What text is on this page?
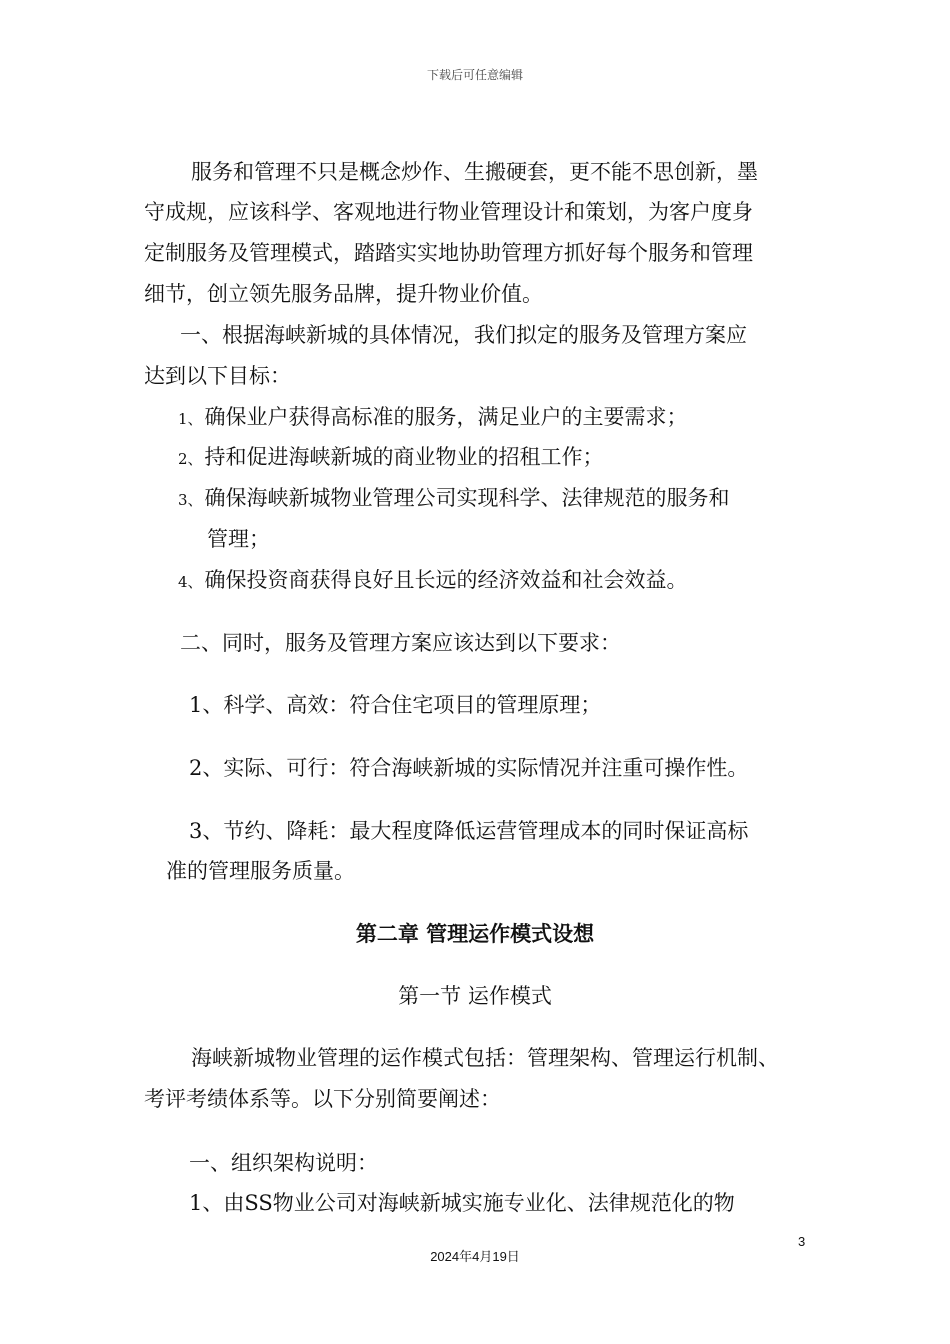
下载后可任意编辑
服务和管理不只是概念炒作、生搬硬套，更不能不思创新，墨
守成规，应该科学、客观地进行物业管理设计和策划，为客户度身
定制服务及管理模式，踏踏实实地协助管理方抓好每个服务和管理
细节，创立领先服务品牌，提升物业价值。
一、根据海峡新城的具体情况，我们拟定的服务及管理方案应
达到以下目标：
1、确保业户获得高标准的服务，满足业户的主要需求；
2、持和促进海峡新城的商业物业的招租工作；
3、确保海峡新城物业管理公司实现科学、法律规范的服务和
管理；
4、确保投资商获得良好且长远的经济效益和社会效益。
二、同时，服务及管理方案应该达到以下要求：
1、科学、高效：符合住宅项目的管理原理；
2、实际、可行：符合海峡新城的实际情况并注重可操作性。
3、节约、降耗：最大程度降低运营管理成本的同时保证高标
准的管理服务质量。
第二章 管理运作模式设想
第一节 运作模式
海峡新城物业管理的运作模式包括：管理架构、管理运行机制、
考评考绩体系等。以下分别简要阐述：
一、组织架构说明：
1、由SS物业公司对海峡新城实施专业化、法律规范化的物
3
2024年4月19日
